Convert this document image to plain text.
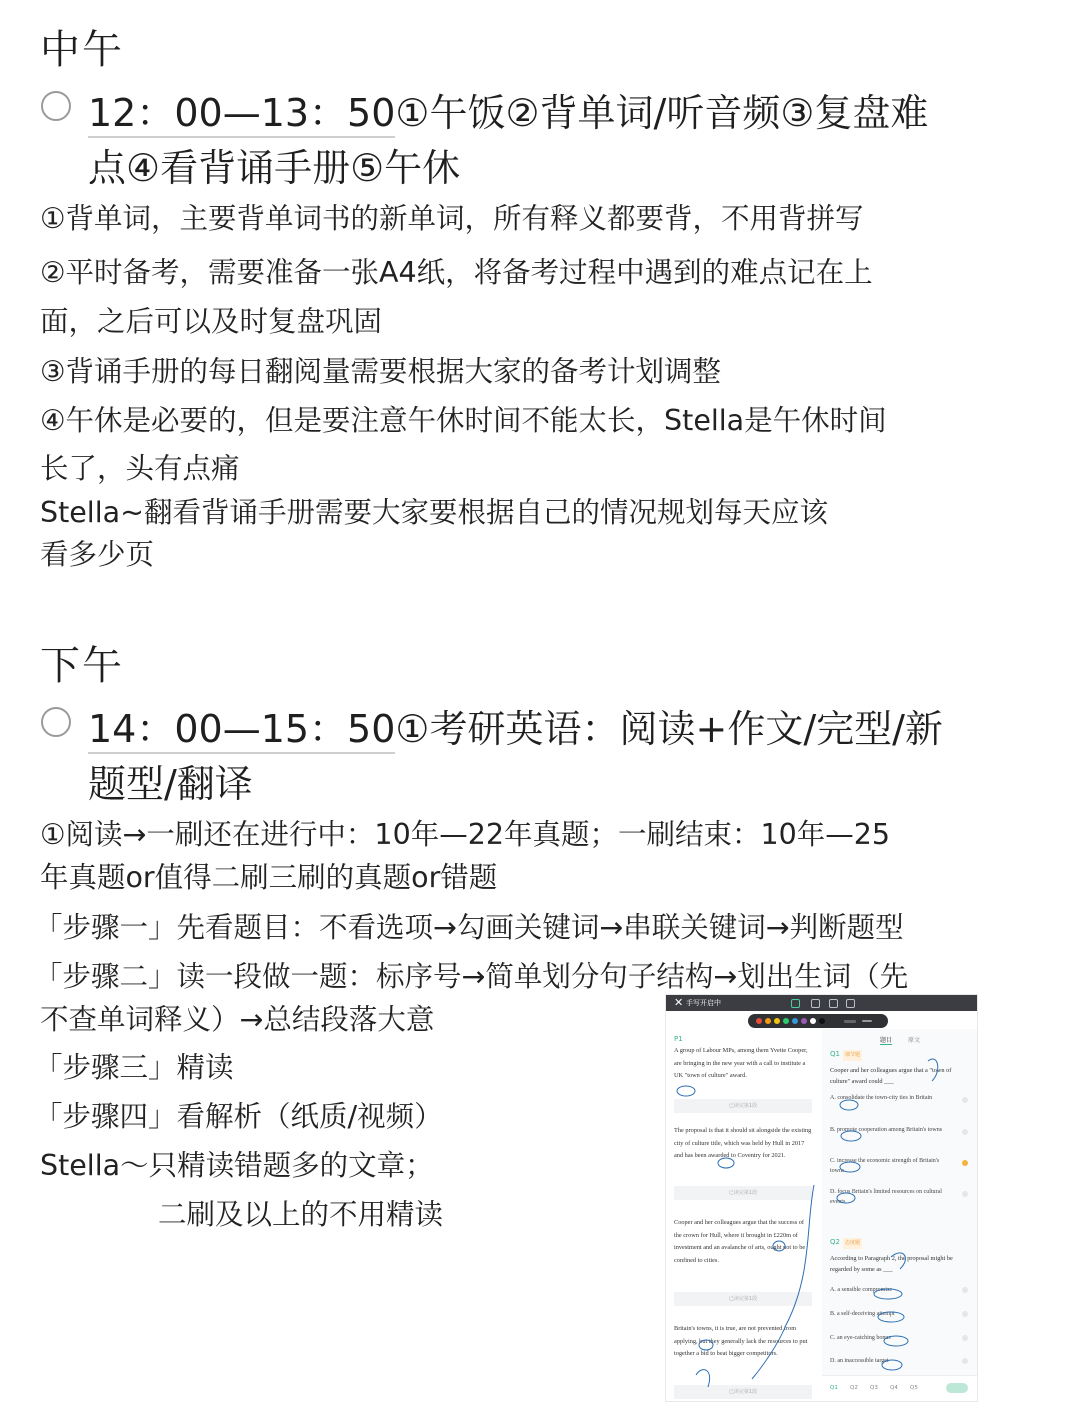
中午
12：00—13：50①午饭②背单词/听音频③复盘难
点④看背诵手册⑤午休
①背单词，主要背单词书的新单词，所有释义都要背，不用背拼写
②平时备考，需要准备一张A4纸，将备考过程中遇到的难点记在上
面，之后可以及时复盘巩固
③背诵手册的每日翻阅量需要根据大家的备考计划调整
④午休是必要的，但是要注意午休时间不能太长，Stella是午休时间
长了，头有点痛
Stella~翻看背诵手册需要大家要根据自己的情况规划每天应该
看多少页
下午
14：00—15：50①考研英语：阅读+作文/完型/新
题型/翻译
①阅读→一刷还在进行中：10年—22年真题；一刷结束：10年—25
年真题or值得二刷三刷的真题or错题
「步骤一」先看题目：不看选项→勾画关键词→串联关键词→判断题型
「步骤二」读一段做一题：标序号→简单划分句子结构→划出生词（先
不查单词释义）→总结段落大意
「步骤三」精读
「步骤四」看解析（纸质/视频）
Stella～只精读错题多的文章；
二刷及以上的不用精读
✕ 手写开启中
P1
A group of Labour MPs, among them Yvette Cooper, are bringing in the new year with a call to institute a UK "town of culture" award.
已读完第1段
The proposal is that it should sit alongside the existing city of culture title, which was held by Hull in 2017 and has been awarded to Coventry for 2021.
已读完第1段
Cooper and her colleagues argue that the success of the crown for Hull, where it brought in £220m of investment and an avalanche of arts, ought not to be confined to cities.
已读完第1段
Britain's towns, it is true, are not prevented from applying, but they generally lack the resources to put together a bid to beat bigger competitors.
已读完第1段
题目	原文
Q1 细节题
Cooper and her colleagues argue that a "town of culture" award could ___
A. consolidate the town-city ties in Britain
B. promote cooperation among Britain's towns
C. increase the economic strength of Britain's towns
D. focus Britain's limited resources on cultural events
Q2 态度题
According to Paragraph 2, the proposal might be regarded by some as ___
A. a sensible compromise
B. a self-deceiving attempt
C. an eye-catching bonus
D. an inaccessible target
Q1 Q2 Q3 Q4 Q5
